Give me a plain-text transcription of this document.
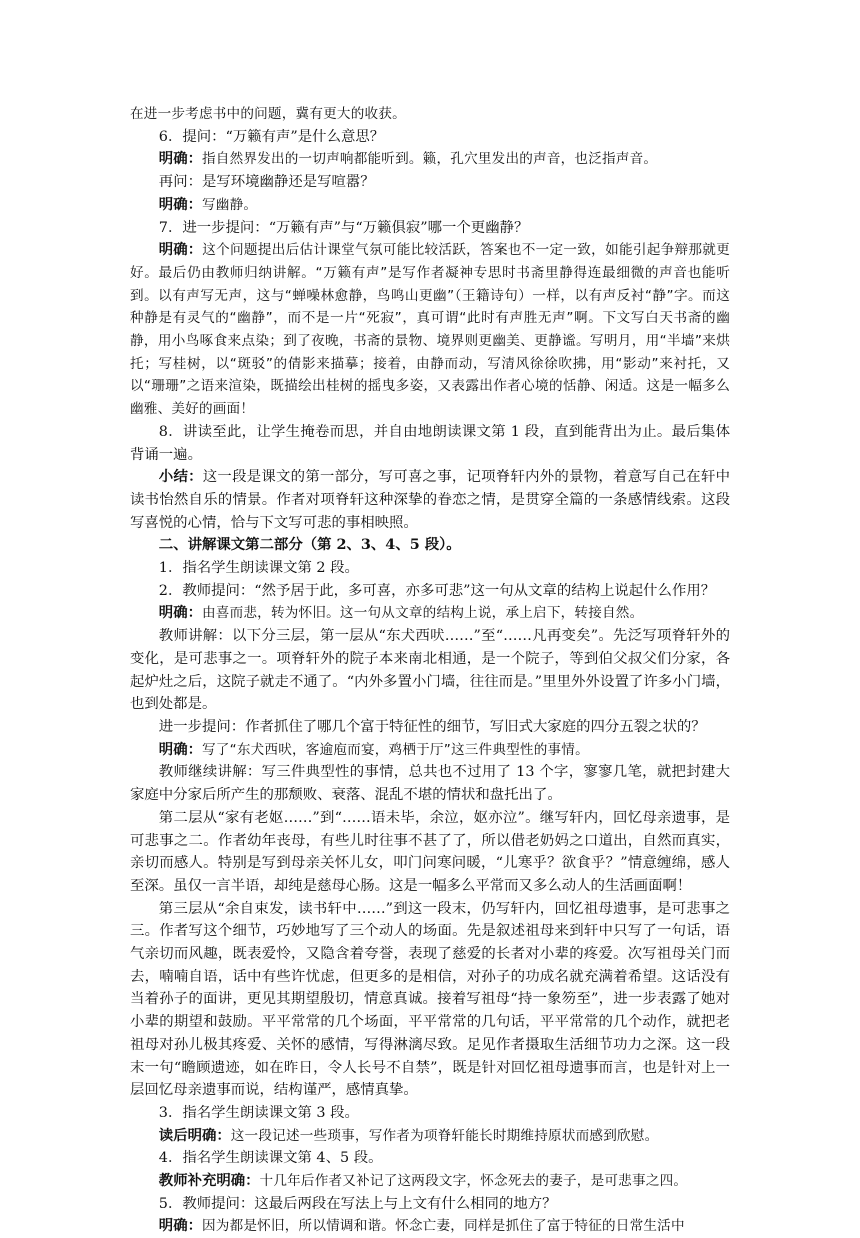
在进一步考虑书中的问题，冀有更大的收获。

6．提问：“万籁有声”是什么意思？

明确：指自然界发出的一切声响都能听到。籁，孔穴里发出的声音，也泛指声音。

再问：是写环境幽静还是写喧嚣？

明确：写幽静。

7．进一步提问：“万籁有声”与“万籁俱寂”哪一个更幽静？

明确：这个问题提出后估计课堂气氛可能比较活跃，答案也不一定一致，如能引起争辩那就更好。最后仍由教师归纳讲解。“万籁有声”是写作者凝神专思时书斋里静得连最细微的声音也能听到。以有声写无声，这与“蝉噪林愈静，鸟鸣山更幽”（王籍诗句）一样，以有声反衬“静”字。而这种静是有灵气的“幽静”，而不是一片“死寂”，真可谓“此时有声胜无声”啊。下文写白天书斋的幽静，用小鸟啄食来点染；到了夜晚，书斋的景物、境界则更幽美、更静谧。写明月，用“半墙”来烘托；写桂树，以“斑驳”的倩影来描摹；接着，由静而动，写清风徐徐吹拂，用“影动”来衬托，又以“珊珊”之语来渲染，既描绘出桂树的摇曳多姿，又表露出作者心境的恬静、闲适。这是一幅多么幽雅、美好的画面！

8．讲读至此，让学生掩卷而思，并自由地朗读课文第 1 段，直到能背出为止。最后集体背诵一遍。

小结：这一段是课文的第一部分，写可喜之事，记项脊轩内外的景物，着意写自己在轩中读书怡然自乐的情景。作者对项脊轩这种深挚的眷恋之情，是贯穿全篇的一条感情线索。这段写喜悦的心情，恰与下文写可悲的事相映照。

二、讲解课文第二部分（第 2、3、4、5 段）。

1．指名学生朗读课文第 2 段。

2．教师提问：“然予居于此，多可喜，亦多可悲”这一句从文章的结构上说起什么作用？

明确：由喜而悲，转为怀旧。这一句从文章的结构上说，承上启下，转接自然。

教师讲解：以下分三层，第一层从“东犬西吠……”至“……凡再变矣”。先泛写项脊轩外的变化，是可悲事之一。项脊轩外的院子本来南北相通，是一个院子，等到伯父叔父们分家，各起炉灶之后，这院子就走不通了。“内外多置小门墙，往往而是。”里里外外设置了许多小门墙，也到处都是。

进一步提问：作者抓住了哪几个富于特征性的细节，写旧式大家庭的四分五裂之状的？

明确：写了“东犬西吠，客逾庖而宴，鸡栖于厅”这三件典型性的事情。

教师继续讲解：写三件典型性的事情，总共也不过用了 13 个字，寥寥几笔，就把封建大家庭中分家后所产生的那颓败、衰落、混乱不堪的情状和盘托出了。

第二层从“家有老妪……”到“……语未毕，余泣，妪亦泣”。继写轩内，回忆母亲遗事，是可悲事之二。作者幼年丧母，有些儿时往事不甚了了，所以借老奶妈之口道出，自然而真实，亲切而感人。特别是写到母亲关怀儿女，叩门问寒问暖，“儿寒乎？欲食乎？”情意缠绵，感人至深。虽仅一言半语，却纯是慈母心肠。这是一幅多么平常而又多么动人的生活画面啊！

第三层从“余自束发，读书轩中……”到这一段末，仍写轩内，回忆祖母遗事，是可悲事之三。作者写这个细节，巧妙地写了三个动人的场面。先是叙述祖母来到轩中只写了一句话，语气亲切而风趣，既表爱怜，又隐含着夸誉，表现了慈爱的长者对小辈的疼爱。次写祖母关门而去，喃喃自语，话中有些许忧虑，但更多的是相信，对孙子的功成名就充满着希望。这话没有当着孙子的面讲，更见其期望殷切，情意真诚。接着写祖母“持一象笏至”，进一步表露了她对小辈的期望和鼓励。平平常常的几个场面，平平常常的几句话，平平常常的几个动作，就把老祖母对孙儿极其疼爱、关怀的感情，写得淋漓尽致。足见作者摄取生活细节功力之深。这一段末一句“瞻顾遗迹，如在昨日，令人长号不自禁”，既是针对回忆祖母遗事而言，也是针对上一层回忆母亲遗事而说，结构谨严，感情真挚。

3．指名学生朗读课文第 3 段。

读后明确：这一段记述一些琐事，写作者为项脊轩能长时期维持原状而感到欣慰。

4．指名学生朗读课文第 4、5 段。

教师补充明确：十几年后作者又补记了这两段文字，怀念死去的妻子，是可悲事之四。

5．教师提问：这最后两段在写法上与上文有什么相同的地方？

明确：因为都是怀旧，所以情调和谐。怀念亡妻，同样是抓住了富于特征的日常生活中
